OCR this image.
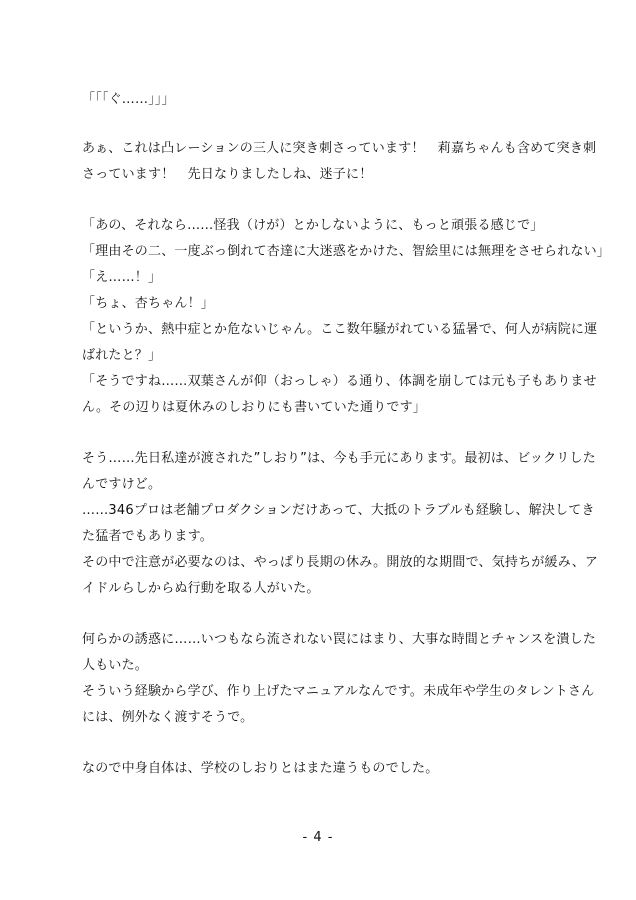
「「「ぐ……」」」
あぁ、これは凸レーションの三人に突き刺さっています！　莉嘉ちゃんも含めて突き刺
さっています！　先日なりましたしね、迷子に！
「あの、それなら……怪我（けが）とかしないように、もっと頑張る感じで」
「理由その二、一度ぶっ倒れて杏達に大迷惑をかけた、智絵里には無理をさせられない」
「え……！」
「ちょ、杏ちゃん！」
「というか、熱中症とか危ないじゃん。ここ数年騒がれている猛暑で、何人が病院に運
ばれたと？」
「そうですね……双葉さんが仰（おっしゃ）る通り、体調を崩しては元も子もありませ
ん。その辺りは夏休みのしおりにも書いていた通りです」
そう……先日私達が渡された”しおり”は、今も手元にあります。最初は、ビックリした
んですけど。
……346プロは老舗プロダクションだけあって、大抵のトラブルも経験し、解決してき
た猛者でもあります。
その中で注意が必要なのは、やっぱり長期の休み。開放的な期間で、気持ちが緩み、ア
イドルらしからぬ行動を取る人がいた。
何らかの誘惑に……いつもなら流されない罠にはまり、大事な時間とチャンスを潰した
人もいた。
そういう経験から学び、作り上げたマニュアルなんです。未成年や学生のタレントさん
には、例外なく渡すそうで。
なので中身自体は、学校のしおりとはまた違うものでした。
- 4 -
